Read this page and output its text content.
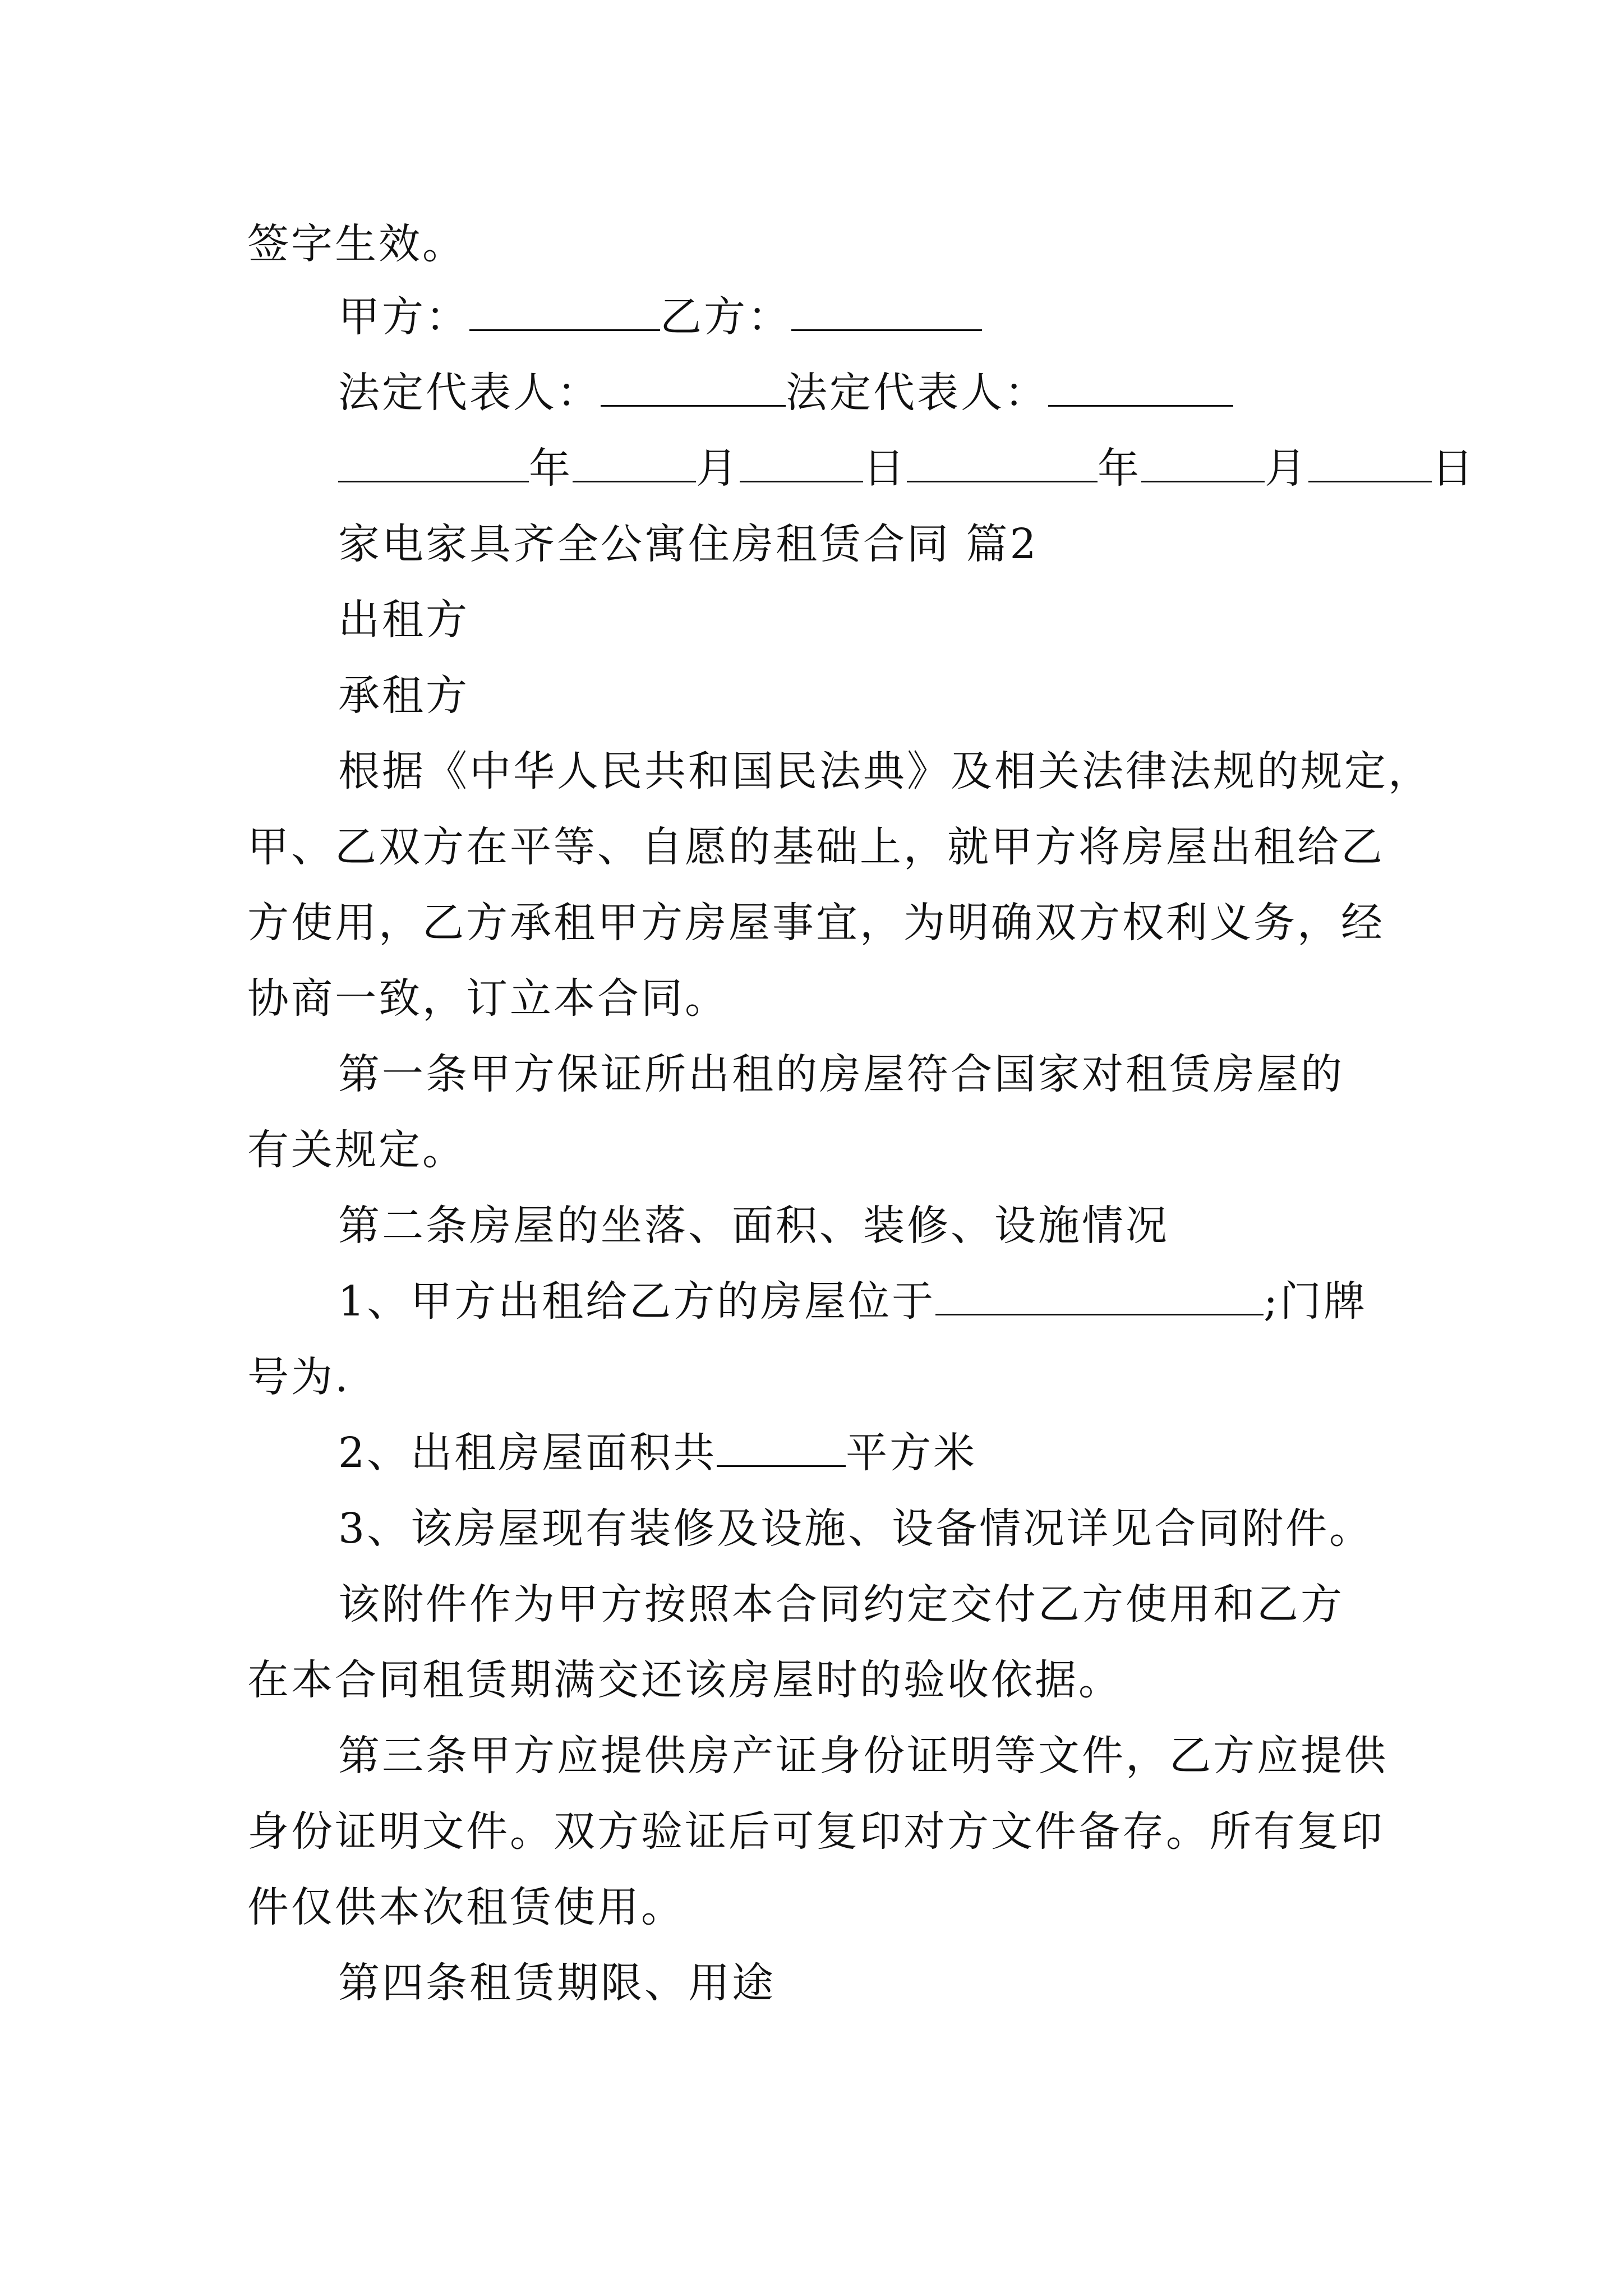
签字生效。
甲方：	乙方：
法定代表人：	法定代表人：
年	月	日	年	月	日
家电家具齐全公寓住房租赁合同 篇2
出租方
承租方
根据《中华人民共和国民法典》及相关法律法规的规定，
甲、乙双方在平等、自愿的基础上，就甲方将房屋出租给乙
方使用，乙方承租甲方房屋事宜，为明确双方权利义务，经
协商一致，订立本合同。
第一条甲方保证所出租的房屋符合国家对租赁房屋的
有关规定。
第二条房屋的坐落、面积、装修、设施情况
1、甲方出租给乙方的房屋位于	;门牌
号为.
2、出租房屋面积共	平方米
3、该房屋现有装修及设施、设备情况详见合同附件。
该附件作为甲方按照本合同约定交付乙方使用和乙方
在本合同租赁期满交还该房屋时的验收依据。
第三条甲方应提供房产证身份证明等文件，乙方应提供
身份证明文件。双方验证后可复印对方文件备存。所有复印
件仅供本次租赁使用。
第四条租赁期限、用途
